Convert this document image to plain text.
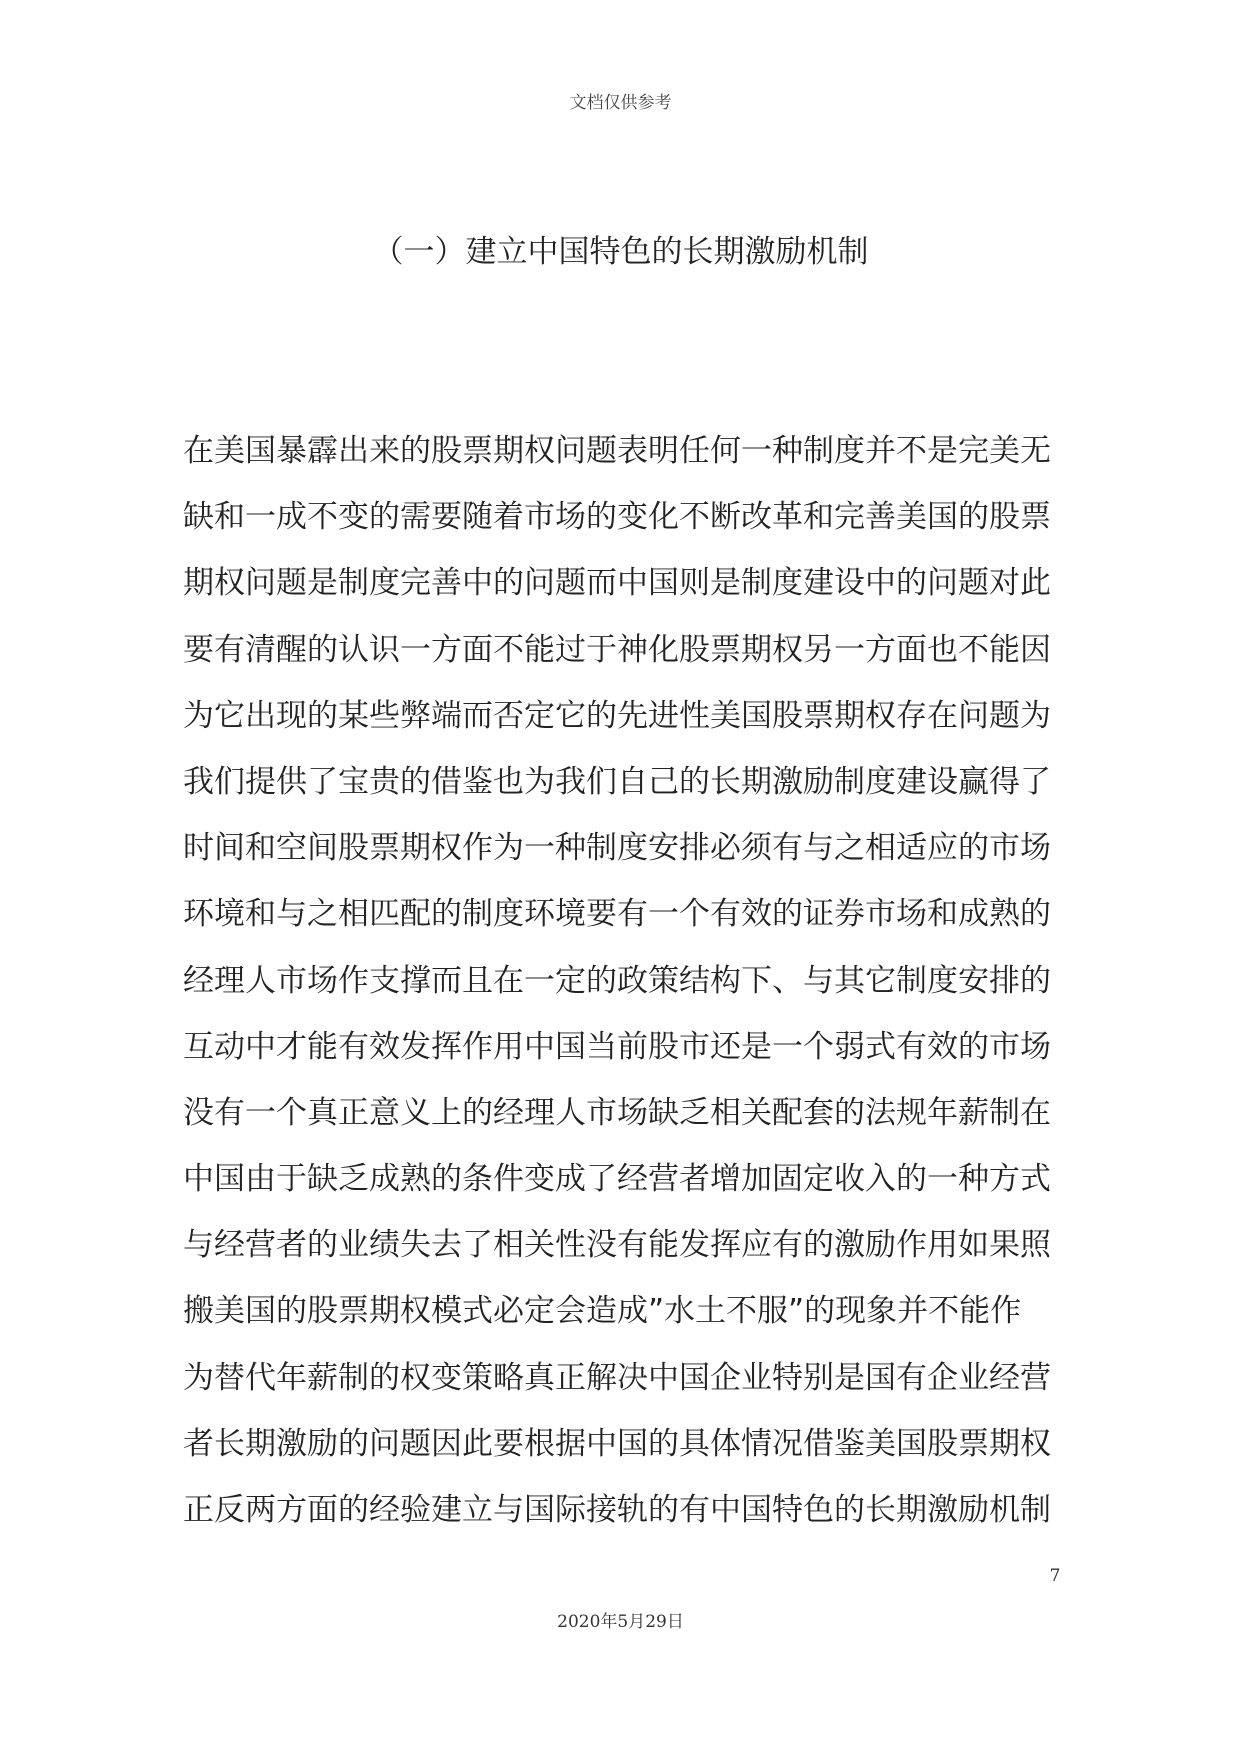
文档仅供参考
（一）建立中国特色的长期激励机制
在美国暴霹出来的股票期权问题表明任何一种制度并不是完美无
缺和一成不变的需要随着市场的变化不断改革和完善美国的股票
期权问题是制度完善中的问题而中国则是制度建设中的问题对此
要有清醒的认识一方面不能过于神化股票期权另一方面也不能因
为它出现的某些弊端而否定它的先进性美国股票期权存在问题为
我们提供了宝贵的借鉴也为我们自己的长期激励制度建设赢得了
时间和空间股票期权作为一种制度安排必须有与之相适应的市场
环境和与之相匹配的制度环境要有一个有效的证券市场和成熟的
经理人市场作支撑而且在一定的政策结构下、与其它制度安排的
互动中才能有效发挥作用中国当前股市还是一个弱式有效的市场
没有一个真正意义上的经理人市场缺乏相关配套的法规年薪制在
中国由于缺乏成熟的条件变成了经营者增加固定收入的一种方式
与经营者的业绩失去了相关性没有能发挥应有的激励作用如果照
搬美国的股票期权模式必定会造成”水土不服”的现象并不能作
为替代年薪制的权变策略真正解决中国企业特别是国有企业经营
者长期激励的问题因此要根据中国的具体情况借鉴美国股票期权
正反两方面的经验建立与国际接轨的有中国特色的长期激励机制
7
2020年5月29日
